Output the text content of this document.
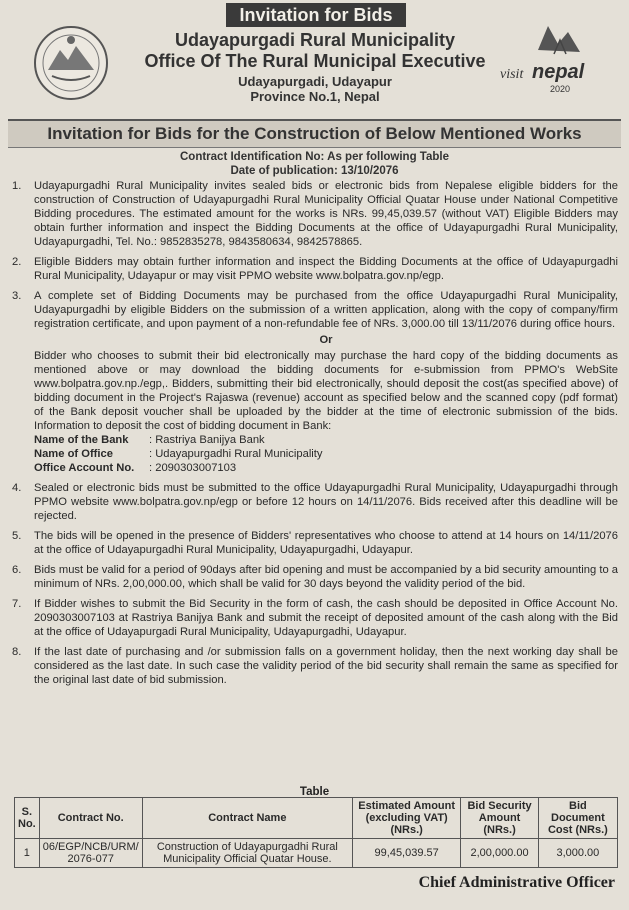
Invitation for Bids
Udayapurgadi Rural Municipality
Office Of The Rural Municipal Executive
Udayapurgadi, Udayapur
Province No.1, Nepal
visit nepal
2020
Invitation for Bids for the Construction of Below Mentioned Works
Contract Identification No: As per following Table
Date of publication: 13/10/2076
1.	Udayapurgadhi Rural Municipality invites sealed bids or electronic bids from Nepalese eligible bidders for the construction of Construction of Udayapurgadhi Rural Municipality Official Quatar House under National Competitive Bidding procedures. The estimated amount for the works is NRs. 99,45,039.57 (without VAT) Eligible Bidders may obtain further information and inspect the Bidding Documents at the office of Udayapurgadhi Rural Municipality, Udayapurgadhi, Tel. No.: 9852835278, 9843580634, 9842578865.
2.	Eligible Bidders may obtain further information and inspect the Bidding Documents at the office of Udayapurgadhi Rural Municipality, Udayapur or may visit PPMO website www.bolpatra.gov.np/egp.
3.	A complete set of Bidding Documents may be purchased from the office Udayapurgadhi Rural Municipality, Udayapurgadhi by eligible Bidders on the submission of a written application, along with the copy of company/firm registration certificate, and upon payment of a non-refundable fee of NRs. 3,000.00 till 13/11/2076 during office hours.
Or
Bidder who chooses to submit their bid electronically may purchase the hard copy of the bidding documents as mentioned above or may download the bidding documents for e-submission from PPMO's WebSite www.bolpatra.gov.np./egp,. Bidders, submitting their bid electronically, should deposit the cost(as specified above) of bidding document in the Project's Rajaswa (revenue) account as specified below and the scanned copy (pdf format) of the Bank deposit voucher shall be uploaded by the bidder at the time of electronic submission of the bids. Information to deposit the cost of bidding document in Bank:
Name of the Bank	: Rastriya Banijya Bank
Name of Office	: Udayapurgadhi Rural Municipality
Office Account No.	: 2090303007103
4.	Sealed or electronic bids must be submitted to the office Udayapurgadhi Rural Municipality, Udayapurgadhi through PPMO website www.bolpatra.gov.np/egp or before 12 hours on 14/11/2076. Bids received after this deadline will be rejected.
5.	The bids will be opened in the presence of Bidders' representatives who choose to attend at 14 hours on 14/11/2076 at the office of Udayapurgadhi Rural Municipality, Udayapurgadhi, Udayapur.
6.	Bids must be valid for a period of 90days after bid opening and must be accompanied by a bid security amounting to a minimum of NRs. 2,00,000.00, which shall be valid for 30 days beyond the validity period of the bid.
7.	If Bidder wishes to submit the Bid Security in the form of cash, the cash should be deposited in Office Account No. 2090303007103 at Rastriya Banijya Bank and submit the receipt of deposited amount of the cash along with the Bid at the office of Udayapurgadi Rural Municipality, Udayapurgadhi, Udayapur.
8.	If the last date of purchasing and /or submission falls on a government holiday, then the next working day shall be considered as the last date. In such case the validity period of the bid security shall remain the same as specified for the original last date of bid submission.
Table
S. No.	Contract No.	Contract Name	Estimated Amount (excluding VAT) (NRs.)	Bid Security Amount (NRs.)	Bid Document Cost (NRs.)
1	06/EGP/NCB/URM/ 2076-077	Construction of Udayapurgadhi Rural Municipality Official Quatar House.	99,45,039.57	2,00,000.00	3,000.00
Chief Administrative Officer
